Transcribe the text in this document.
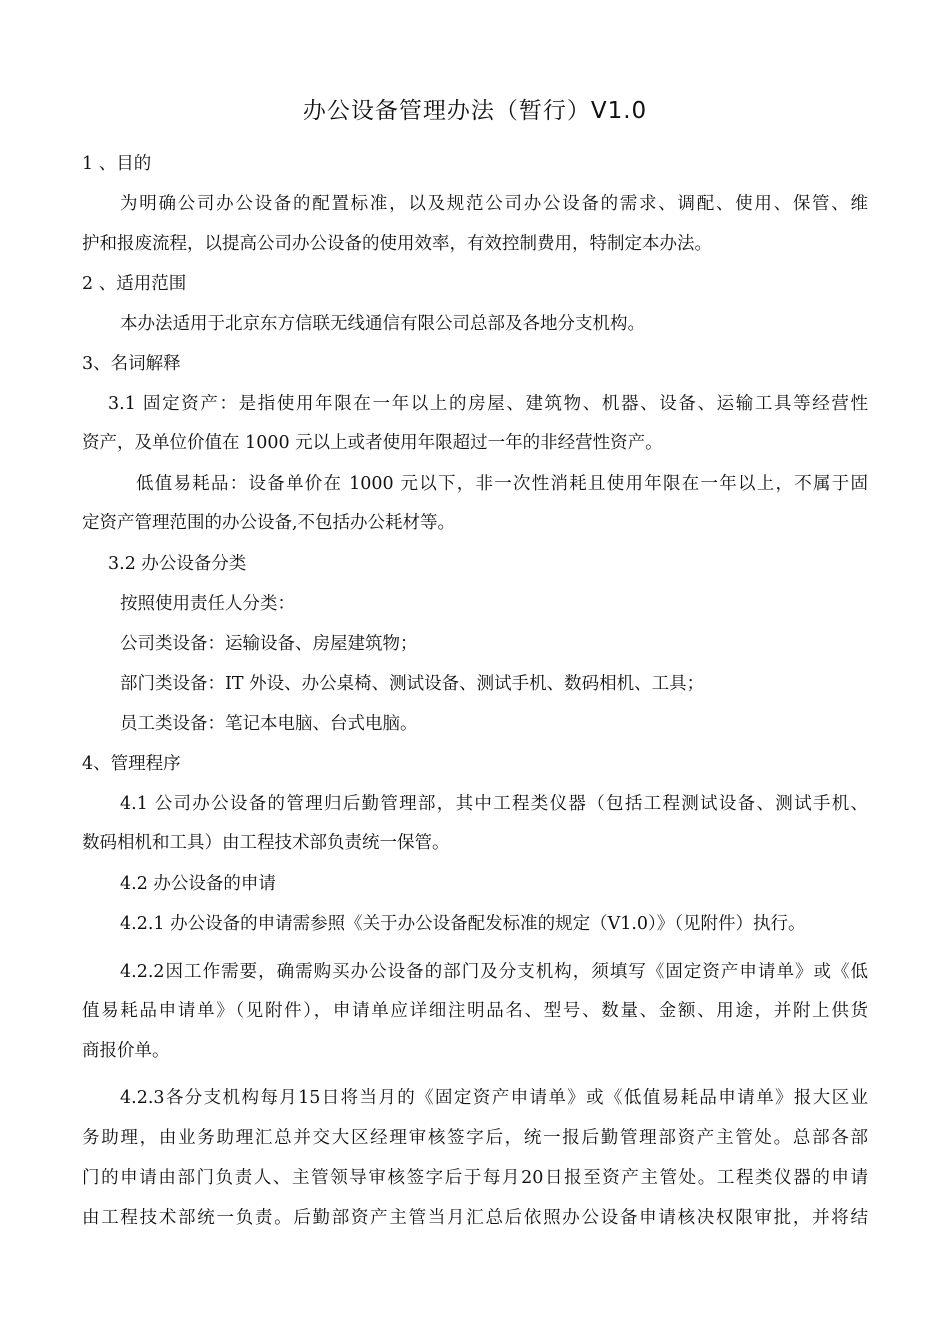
办公设备管理办法（暂行）V1.0
1 、目的
为明确公司办公设备的配置标准，以及规范公司办公设备的需求、调配、使用、保管、维
护和报废流程，以提高公司办公设备的使用效率，有效控制费用，特制定本办法。
2 、适用范围
本办法适用于北京东方信联无线通信有限公司总部及各地分支机构。
3、名词解释
3.1 固定资产：是指使用年限在一年以上的房屋、建筑物、机器、设备、运输工具等经营性
资产，及单位价值在 1000 元以上或者使用年限超过一年的非经营性资产。
低值易耗品：设备单价在 1000 元以下，非一次性消耗且使用年限在一年以上，不属于固
定资产管理范围的办公设备,不包括办公耗材等。
3.2 办公设备分类
按照使用责任人分类：
公司类设备：运输设备、房屋建筑物；
部门类设备：IT 外设、办公桌椅、测试设备、测试手机、数码相机、工具；
员工类设备：笔记本电脑、台式电脑。
4、管理程序
4.1 公司办公设备的管理归后勤管理部，其中工程类仪器（包括工程测试设备、测试手机、
数码相机和工具）由工程技术部负责统一保管。
4.2 办公设备的申请
4.2.1 办公设备的申请需参照《关于办公设备配发标准的规定（V1.0）》（见附件）执行。
4.2.2因工作需要，确需购买办公设备的部门及分支机构，须填写《固定资产申请单》或《低
值易耗品申请单》（见附件），申请单应详细注明品名、型号、数量、金额、用途，并附上供货
商报价单。
4.2.3各分支机构每月15日将当月的《固定资产申请单》或《低值易耗品申请单》报大区业
务助理，由业务助理汇总并交大区经理审核签字后，统一报后勤管理部资产主管处。总部各部
门的申请由部门负责人、主管领导审核签字后于每月20日报至资产主管处。工程类仪器的申请
由工程技术部统一负责。后勤部资产主管当月汇总后依照办公设备申请核决权限审批，并将结
